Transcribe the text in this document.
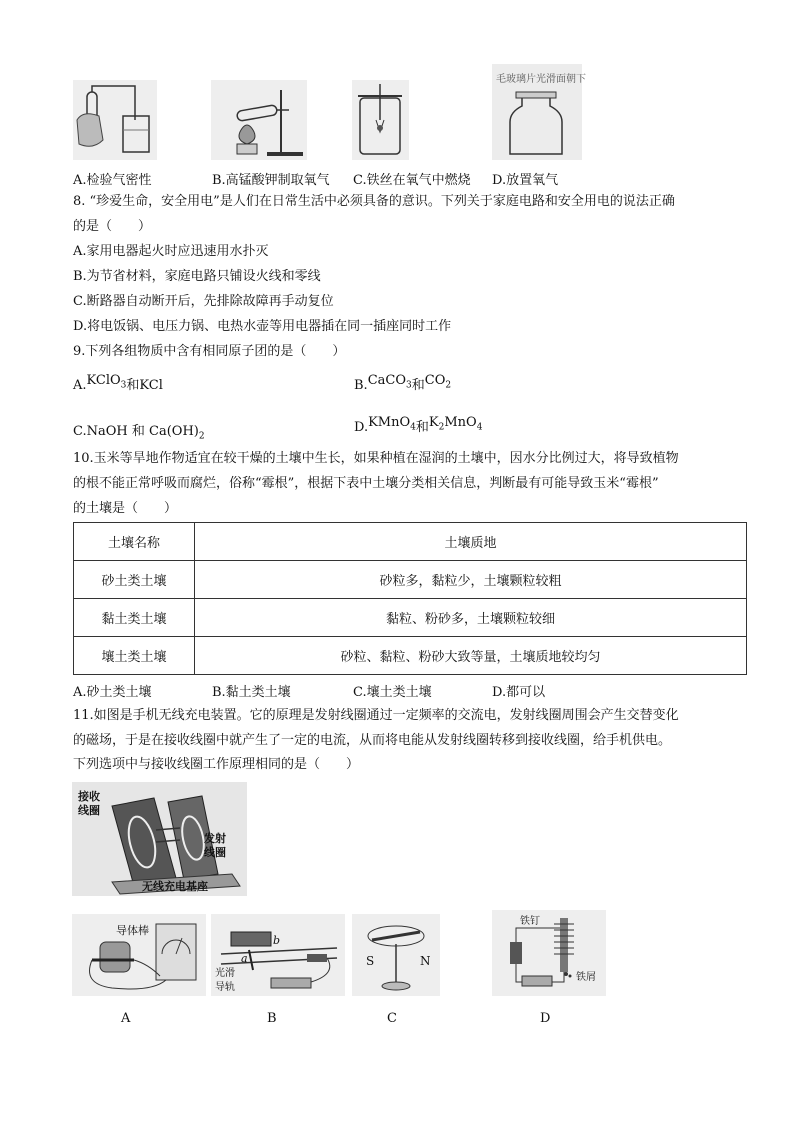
毛玻璃片光滑面朝下
A.检验气密性	B.高锰酸钾制取氧气 C.铁丝在氧气中燃烧 D.放置氧气
8. “珍爱生命，安全用电”是人们在日常生活中必须具备的意识。下列关于家庭电路和安全用电的说法正确
的是（　　）
A.家用电器起火时应迅速用水扑灭
B.为节省材料，家庭电路只铺设火线和零线
C.断路器自动断开后，先排除故障再手动复位
D.将电饭锅、电压力锅、电热水壶等用电器插在同一插座同时工作
9.下列各组物质中含有相同原子团的是（　　）
A.KClO$_3$和KCl	B.CaCO$_3$和$CO_2$
C.NaOH 和 $Ca(OH)_2$
D.KMnO$_4$和$K_2MnO_4$
10.玉米等旱地作物适宜在较干燥的土壤中生长，如果种植在湿润的土壤中，因水分比例过大，将导致植物
的根不能正常呼吸而腐烂，俗称“霉根”，根据下表中土壤分类相关信息，判断最有可能导致玉米“霉根”
的土壤是（　　）
土壤名称	土壤质地
砂土类土壤	砂粒多，黏粒少，土壤颗粒较粗
黏土类土壤	黏粒、粉砂多，土壤颗粒较细
壤土类土壤	砂粒、黏粒、粉砂大致等量，土壤质地较均匀
A.砂土类土壤	B.黏土类土壤	C.壤土类土壤	D.都可以
11.如图是手机无线充电装置。它的原理是发射线圈通过一定频率的交流电，发射线圈周围会产生交替变化
的磁场，于是在接收线圈中就产生了一定的电流，从而将电能从发射线圈转移到接收线圈，给手机供电。
下列选项中与接收线圈工作原理相同的是（　　）
接收
线圈
发射
线圈
无线充电基座
导体棒
b
a
光滑
导轨
S	N
铁钉
铁屑
A	B	C	D
